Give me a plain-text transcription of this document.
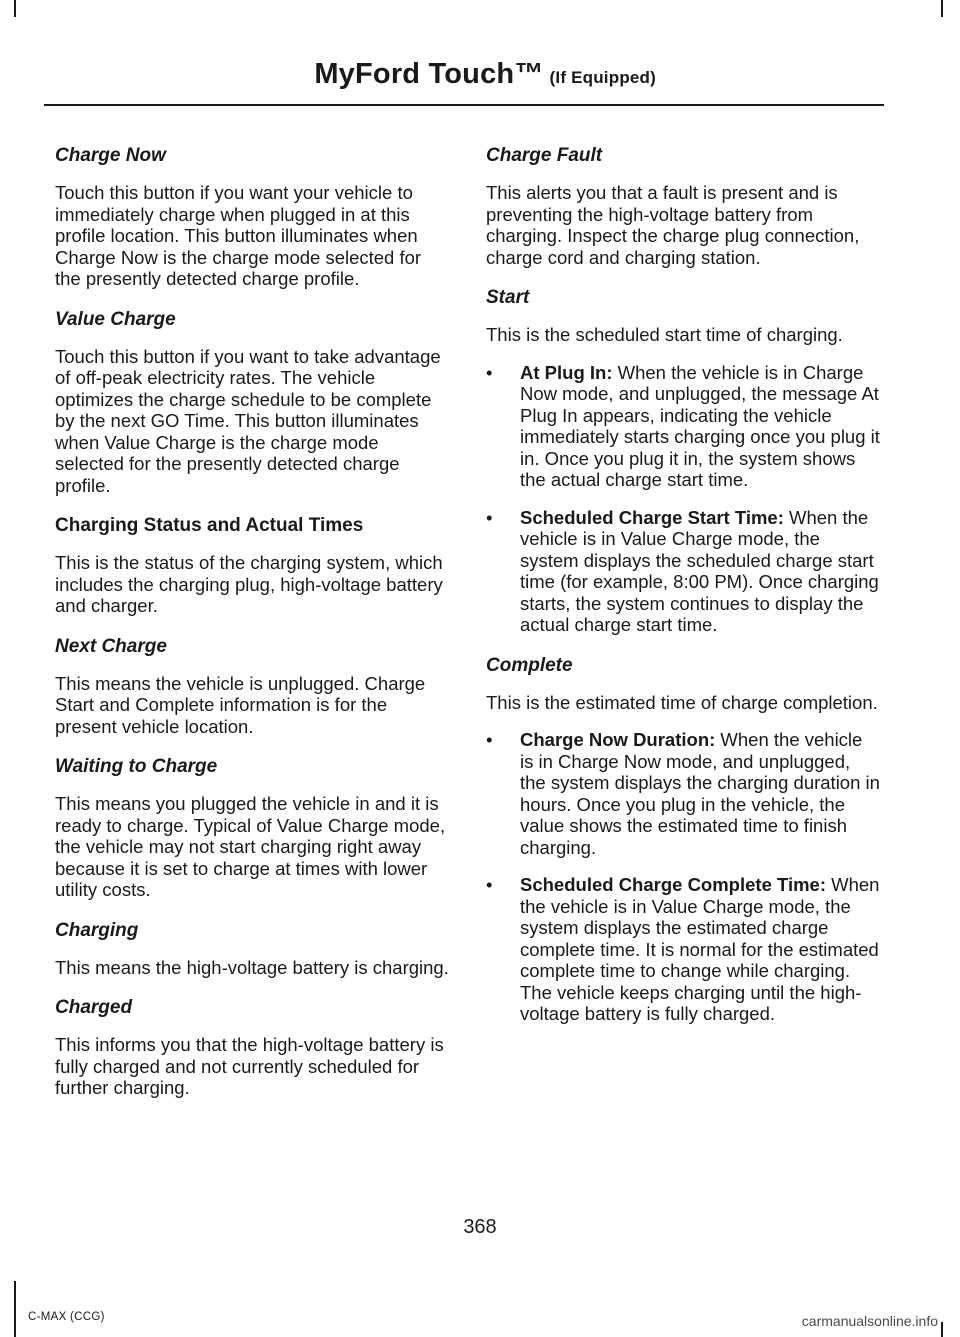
MyFord Touch™ (If Equipped)

Charge Now

Touch this button if you want your vehicle to immediately charge when plugged in at this profile location. This button illuminates when Charge Now is the charge mode selected for the presently detected charge profile.

Value Charge

Touch this button if you want to take advantage of off-peak electricity rates. The vehicle optimizes the charge schedule to be complete by the next GO Time. This button illuminates when Value Charge is the charge mode selected for the presently detected charge profile.

Charging Status and Actual Times

This is the status of the charging system, which includes the charging plug, high-voltage battery and charger.

Next Charge

This means the vehicle is unplugged. Charge Start and Complete information is for the present vehicle location.

Waiting to Charge

This means you plugged the vehicle in and it is ready to charge. Typical of Value Charge mode, the vehicle may not start charging right away because it is set to charge at times with lower utility costs.

Charging

This means the high-voltage battery is charging.

Charged

This informs you that the high-voltage battery is fully charged and not currently scheduled for further charging.

Charge Fault

This alerts you that a fault is present and is preventing the high-voltage battery from charging. Inspect the charge plug connection, charge cord and charging station.

Start

This is the scheduled start time of charging.

• At Plug In: When the vehicle is in Charge Now mode, and unplugged, the message At Plug In appears, indicating the vehicle immediately starts charging once you plug it in. Once you plug it in, the system shows the actual charge start time.
• Scheduled Charge Start Time: When the vehicle is in Value Charge mode, the system displays the scheduled charge start time (for example, 8:00 PM). Once charging starts, the system continues to display the actual charge start time.

Complete

This is the estimated time of charge completion.

• Charge Now Duration: When the vehicle is in Charge Now mode, and unplugged, the system displays the charging duration in hours. Once you plug in the vehicle, the value shows the estimated time to finish charging.
• Scheduled Charge Complete Time: When the vehicle is in Value Charge mode, the system displays the estimated charge complete time. It is normal for the estimated complete time to change while charging. The vehicle keeps charging until the high-voltage battery is fully charged.
368
C-MAX (CCG)	carmanualsonline.info
